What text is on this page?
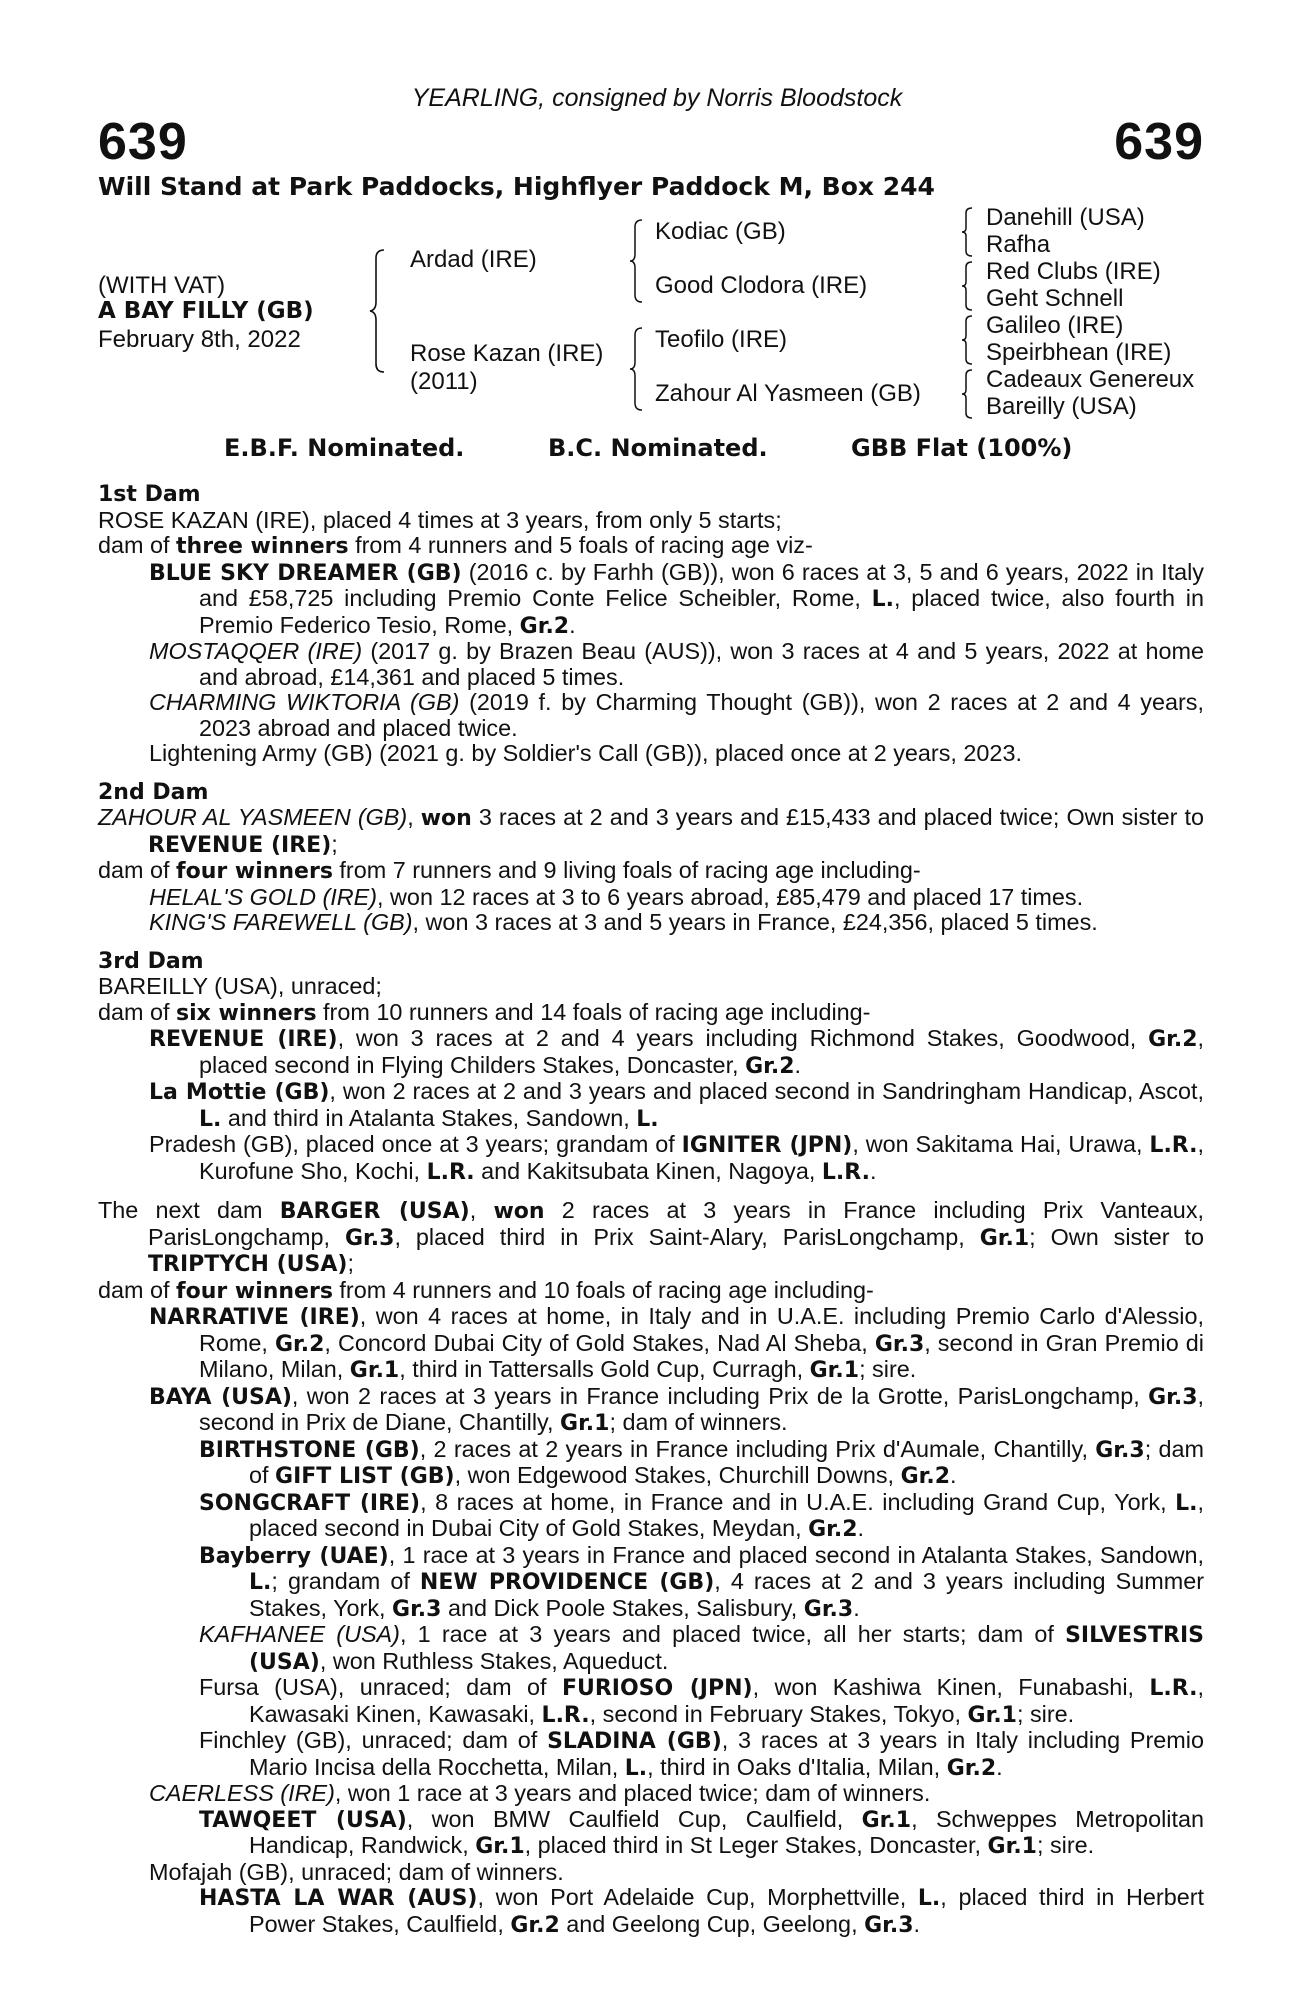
YEARLING, consigned by Norris Bloodstock
639	639
Will Stand at Park Paddocks, Highflyer Paddock M, Box 244
(WITH VAT)
A BAY FILLY (GB)
February 8th, 2022
Ardad (IRE)
Rose Kazan (IRE)
(2011)
Kodiac (GB)
Good Clodora (IRE)
Teofilo (IRE)
Zahour Al Yasmeen (GB)
Danehill (USA)
Rafha
Red Clubs (IRE)
Geht Schnell
Galileo (IRE)
Speirbhean (IRE)
Cadeaux Genereux
Bareilly (USA)
E.B.F. Nominated.	B.C. Nominated.	GBB Flat (100%)

1st Dam

ROSE KAZAN (IRE), placed 4 times at 3 years, from only 5 starts;

dam of three winners from 4 runners and 5 foals of racing age viz-

BLUE SKY DREAMER (GB) (2016 c. by Farhh (GB)), won 6 races at 3, 5 and 6 years, 2022 in Italy and £58,725 including Premio Conte Felice Scheibler, Rome, L., placed twice, also fourth in Premio Federico Tesio, Rome, Gr.2.

MOSTAQQER (IRE) (2017 g. by Brazen Beau (AUS)), won 3 races at 4 and 5 years, 2022 at home and abroad, £14,361 and placed 5 times.

CHARMING WIKTORIA (GB) (2019 f. by Charming Thought (GB)), won 2 races at 2 and 4 years, 2023 abroad and placed twice.

Lightening Army (GB) (2021 g. by Soldier's Call (GB)), placed once at 2 years, 2023.

2nd Dam

ZAHOUR AL YASMEEN (GB), won 3 races at 2 and 3 years and £15,433 and placed twice; Own sister to REVENUE (IRE);

dam of four winners from 7 runners and 9 living foals of racing age including-

HELAL'S GOLD (IRE), won 12 races at 3 to 6 years abroad, £85,479 and placed 17 times.

KING'S FAREWELL (GB), won 3 races at 3 and 5 years in France, £24,356, placed 5 times.

3rd Dam

BAREILLY (USA), unraced;

dam of six winners from 10 runners and 14 foals of racing age including-

REVENUE (IRE), won 3 races at 2 and 4 years including Richmond Stakes, Goodwood, Gr.2, placed second in Flying Childers Stakes, Doncaster, Gr.2.

La Mottie (GB), won 2 races at 2 and 3 years and placed second in Sandringham Handicap, Ascot, L. and third in Atalanta Stakes, Sandown, L.

Pradesh (GB), placed once at 3 years; grandam of IGNITER (JPN), won Sakitama Hai, Urawa, L.R., Kurofune Sho, Kochi, L.R. and Kakitsubata Kinen, Nagoya, L.R..

The next dam BARGER (USA), won 2 races at 3 years in France including Prix Vanteaux, ParisLongchamp, Gr.3, placed third in Prix Saint-Alary, ParisLongchamp, Gr.1; Own sister to TRIPTYCH (USA);

dam of four winners from 4 runners and 10 foals of racing age including-

NARRATIVE (IRE), won 4 races at home, in Italy and in U.A.E. including Premio Carlo d'Alessio, Rome, Gr.2, Concord Dubai City of Gold Stakes, Nad Al Sheba, Gr.3, second in Gran Premio di Milano, Milan, Gr.1, third in Tattersalls Gold Cup, Curragh, Gr.1; sire.

BAYA (USA), won 2 races at 3 years in France including Prix de la Grotte, ParisLongchamp, Gr.3, second in Prix de Diane, Chantilly, Gr.1; dam of winners.

BIRTHSTONE (GB), 2 races at 2 years in France including Prix d'Aumale, Chantilly, Gr.3; dam of GIFT LIST (GB), won Edgewood Stakes, Churchill Downs, Gr.2.

SONGCRAFT (IRE), 8 races at home, in France and in U.A.E. including Grand Cup, York, L., placed second in Dubai City of Gold Stakes, Meydan, Gr.2.

Bayberry (UAE), 1 race at 3 years in France and placed second in Atalanta Stakes, Sandown, L.; grandam of NEW PROVIDENCE (GB), 4 races at 2 and 3 years including Summer Stakes, York, Gr.3 and Dick Poole Stakes, Salisbury, Gr.3.

KAFHANEE (USA), 1 race at 3 years and placed twice, all her starts; dam of SILVESTRIS (USA), won Ruthless Stakes, Aqueduct.

Fursa (USA), unraced; dam of FURIOSO (JPN), won Kashiwa Kinen, Funabashi, L.R., Kawasaki Kinen, Kawasaki, L.R., second in February Stakes, Tokyo, Gr.1; sire.

Finchley (GB), unraced; dam of SLADINA (GB), 3 races at 3 years in Italy including Premio Mario Incisa della Rocchetta, Milan, L., third in Oaks d'Italia, Milan, Gr.2.

CAERLESS (IRE), won 1 race at 3 years and placed twice; dam of winners.

TAWQEET (USA), won BMW Caulfield Cup, Caulfield, Gr.1, Schweppes Metropolitan Handicap, Randwick, Gr.1, placed third in St Leger Stakes, Doncaster, Gr.1; sire.

Mofajah (GB), unraced; dam of winners.

HASTA LA WAR (AUS), won Port Adelaide Cup, Morphettville, L., placed third in Herbert Power Stakes, Caulfield, Gr.2 and Geelong Cup, Geelong, Gr.3.
